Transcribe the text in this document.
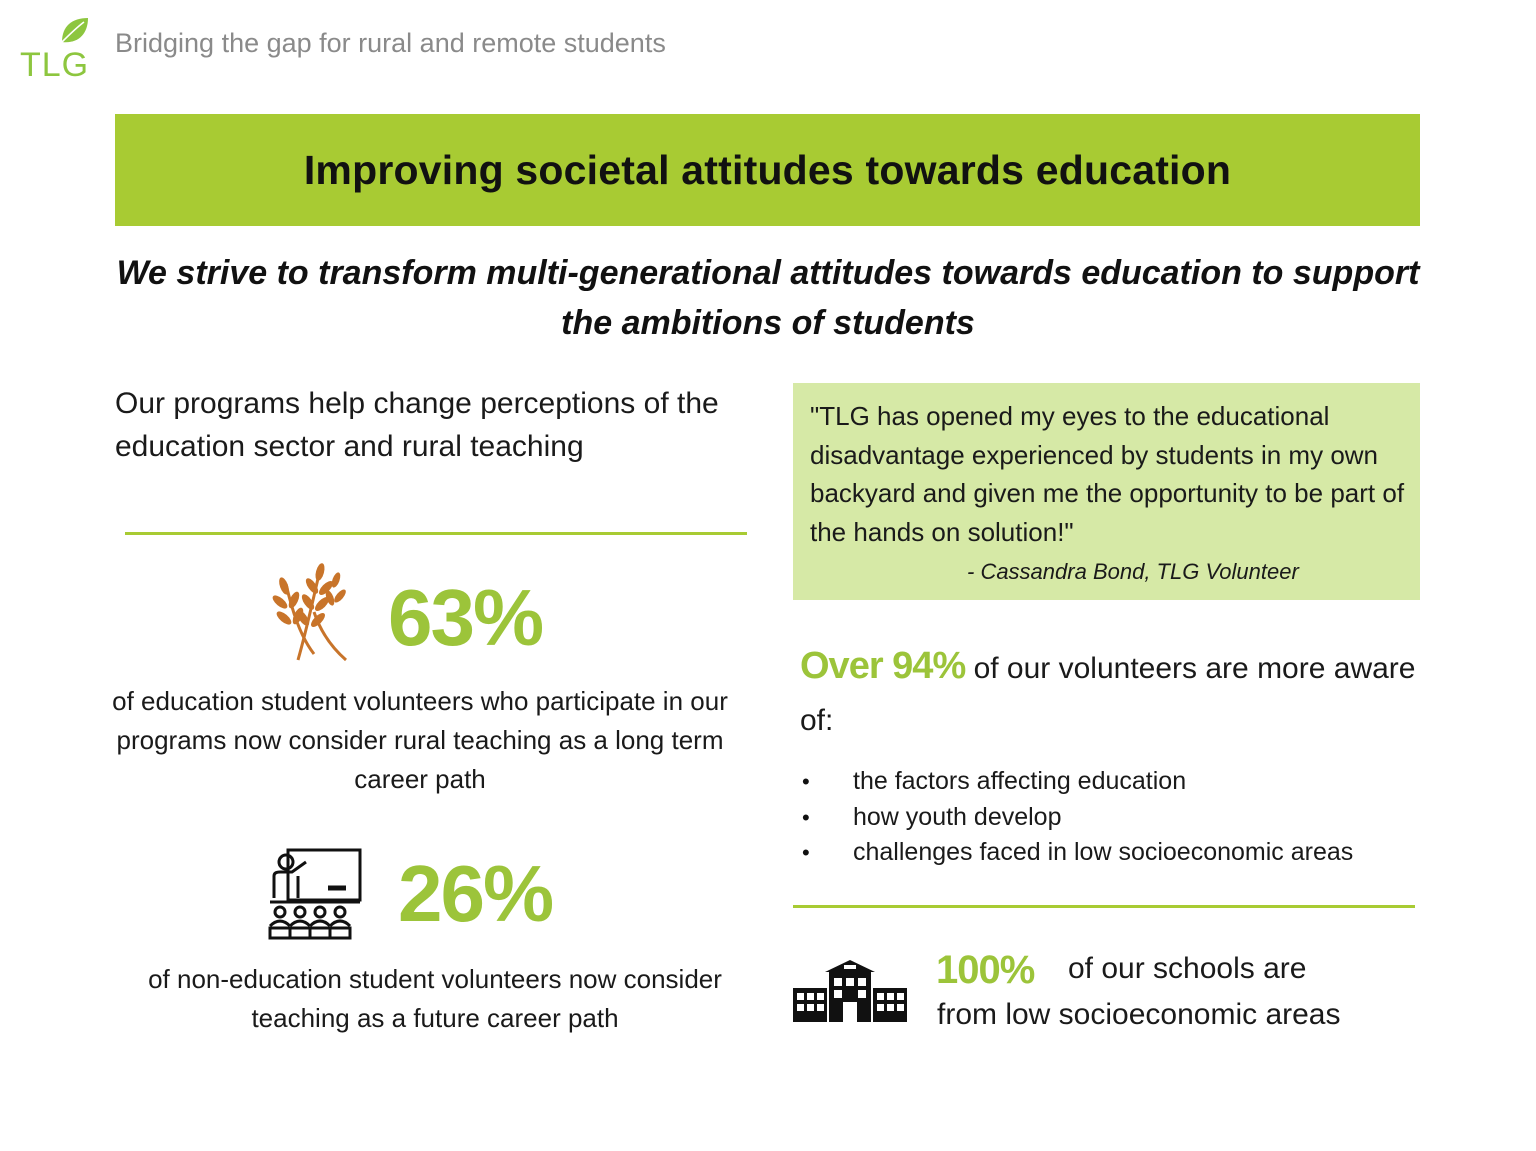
TLG
Bridging the gap for rural and remote students
Improving societal attitudes towards education
We strive to transform multi-generational attitudes towards education to support the ambitions of students
Our programs help change perceptions of the education sector and rural teaching
63%
of education student volunteers who participate in our programs now consider rural teaching as a long term career path
26%
of non-education student volunteers now consider teaching as a future career path
"TLG has opened my eyes to the educational disadvantage experienced by students in my own backyard and given me the opportunity to be part of the hands on solution!"
- Cassandra Bond, TLG Volunteer
Over 94% of our volunteers are more aware of:
• the factors affecting education
• how youth develop
• challenges faced in low socioeconomic areas
100% of our schools are
from low socioeconomic areas
